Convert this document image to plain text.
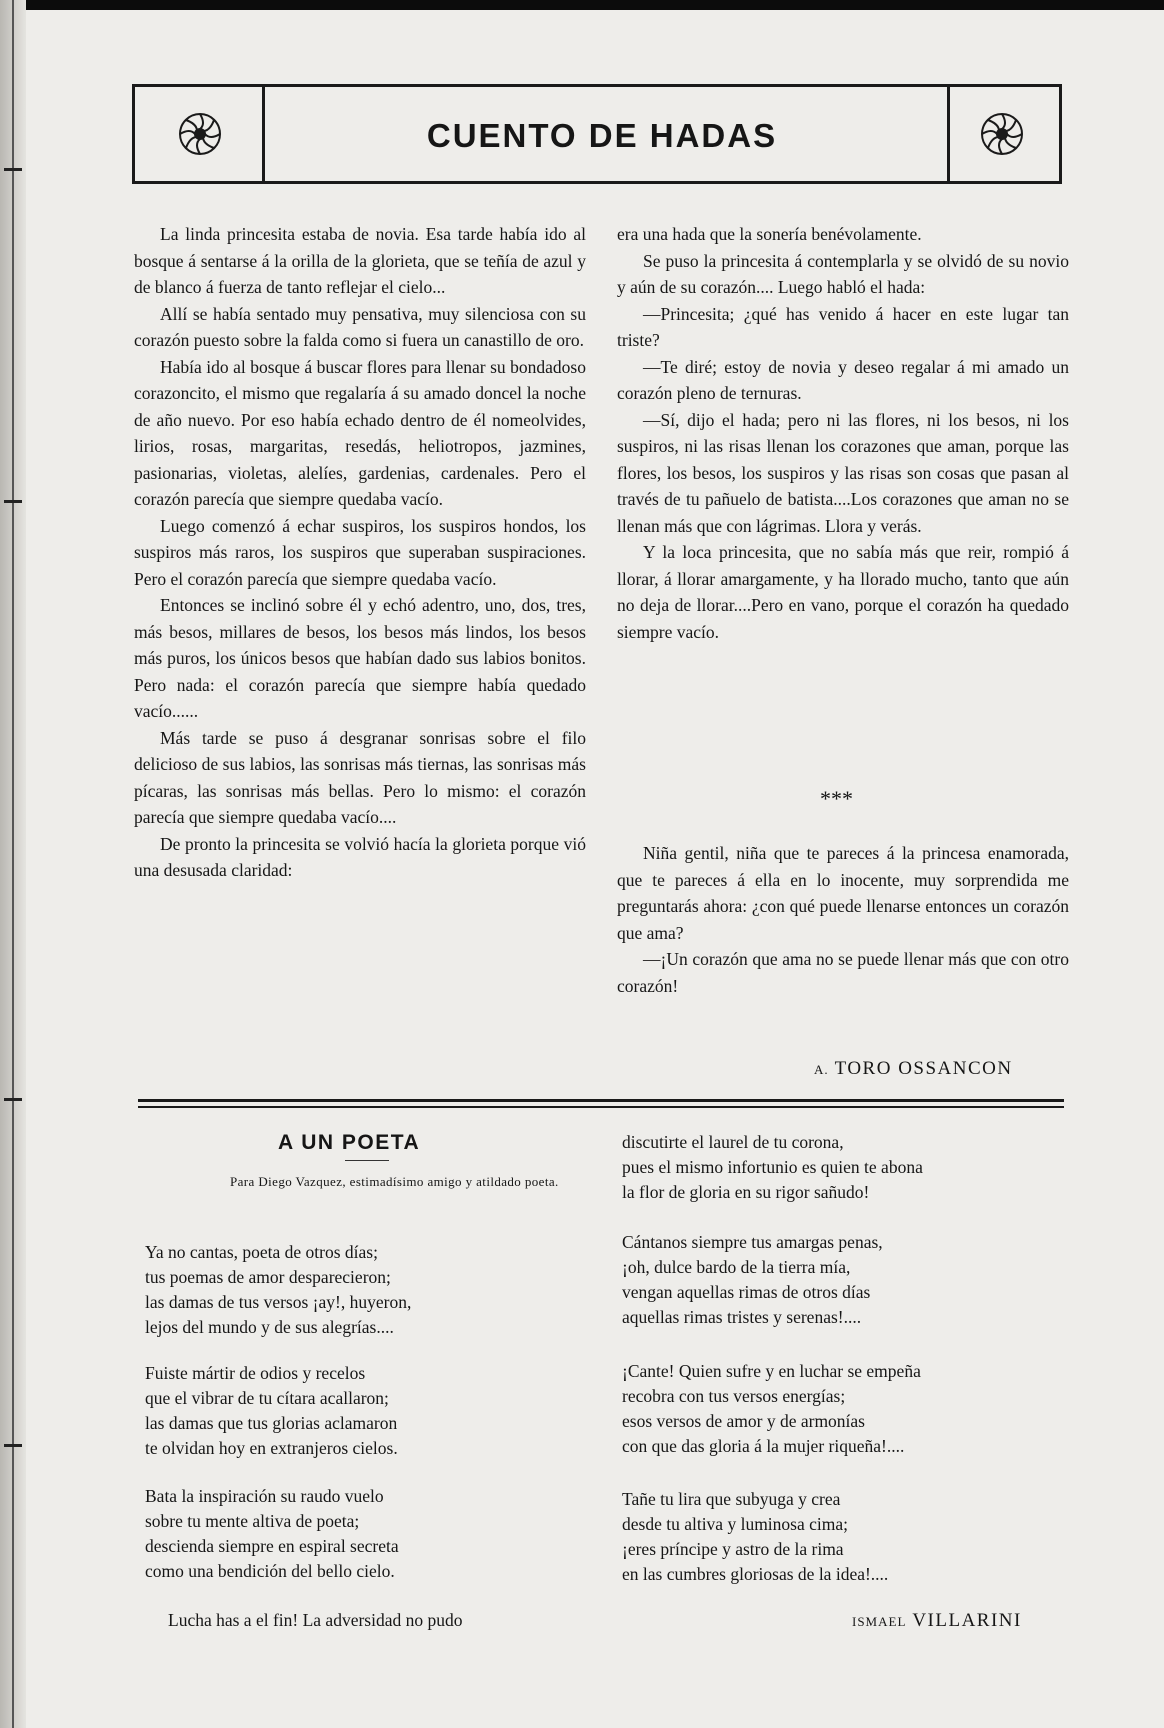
CUENTO DE HADAS

La linda princesita estaba de novia. Esa tarde había ido al bosque á sentarse á la orilla de la glorieta, que se teñía de azul y de blanco á fuerza de tanto reflejar el cielo...

Allí se había sentado muy pensativa, muy silenciosa con su corazón puesto sobre la falda como si fuera un canastillo de oro.

Había ido al bosque á buscar flores para llenar su bondadoso corazoncito, el mismo que regalaría á su amado doncel la noche de año nuevo. Por eso había echado dentro de él nomeolvides, lirios, rosas, margaritas, resedás, heliotropos, jazmines, pasionarias, violetas, alelíes, gardenias, cardenales. Pero el corazón parecía que siempre quedaba vacío.

Luego comenzó á echar suspiros, los suspiros hondos, los suspiros más raros, los suspiros que superaban suspiraciones. Pero el corazón parecía que siempre quedaba vacío.

Entonces se inclinó sobre él y echó adentro, uno, dos, tres, más besos, millares de besos, los besos más lindos, los besos más puros, los únicos besos que habían dado sus labios bonitos. Pero nada: el corazón parecía que siempre había quedado vacío......

Más tarde se puso á desgranar sonrisas sobre el filo delicioso de sus labios, las sonrisas más tiernas, las sonrisas más pícaras, las sonrisas más bellas. Pero lo mismo: el corazón parecía que siempre quedaba vacío....

De pronto la princesita se volvió hacía la glorieta porque vió una desusada claridad:

era una hada que la sonería benévolamente.

Se puso la princesita á contemplarla y se olvidó de su novio y aún de su corazón.... Luego habló el hada:

—Princesita; ¿qué has venido á hacer en este lugar tan triste?

—Te diré; estoy de novia y deseo regalar á mi amado un corazón pleno de ternuras.

—Sí, dijo el hada; pero ni las flores, ni los besos, ni los suspiros, ni las risas llenan los corazones que aman, porque las flores, los besos, los suspiros y las risas son cosas que pasan al través de tu pañuelo de batista....Los corazones que aman no se llenan más que con lágrimas. Llora y verás.

Y la loca princesita, que no sabía más que reir, rompió á llorar, á llorar amargamente, y ha llorado mucho, tanto que aún no deja de llorar....Pero en vano, porque el corazón ha quedado siempre vacío.

***

Niña gentil, niña que te pareces á la princesa enamorada, que te pareces á ella en lo inocente, muy sorprendida me preguntarás ahora: ¿con qué puede llenarse entonces un corazón que ama?

—¡Un corazón que ama no se puede llenar más que con otro corazón!

A. TORO OSSANCON
A UN POETA
Para Diego Vazquez, estimadísimo amigo y atildado poeta.
Ya no cantas, poeta de otros días;
tus poemas de amor desparecieron;
las damas de tus versos ¡ay!, huyeron,
lejos del mundo y de sus alegrías....
Fuiste mártir de odios y recelos
que el vibrar de tu cítara acallaron;
las damas que tus glorias aclamaron
te olvidan hoy en extranjeros cielos.
Bata la inspiración su raudo vuelo
sobre tu mente altiva de poeta;
descienda siempre en espiral secreta
como una bendición del bello cielo.
Lucha has a el fin! La adversidad no pudo
discutirte el laurel de tu corona,
pues el mismo infortunio es quien te abona
la flor de gloria en su rigor sañudo!
Cántanos siempre tus amargas penas,
¡oh, dulce bardo de la tierra mía,
vengan aquellas rimas de otros días
aquellas rimas tristes y serenas!....
¡Cante! Quien sufre y en luchar se empeña
recobra con tus versos energías;
esos versos de amor y de armonías
con que das gloria á la mujer riqueña!....
Tañe tu lira que subyuga y crea
desde tu altiva y luminosa cima;
¡eres príncipe y astro de la rima
en las cumbres gloriosas de la idea!....
ISMAEL VILLARINI
